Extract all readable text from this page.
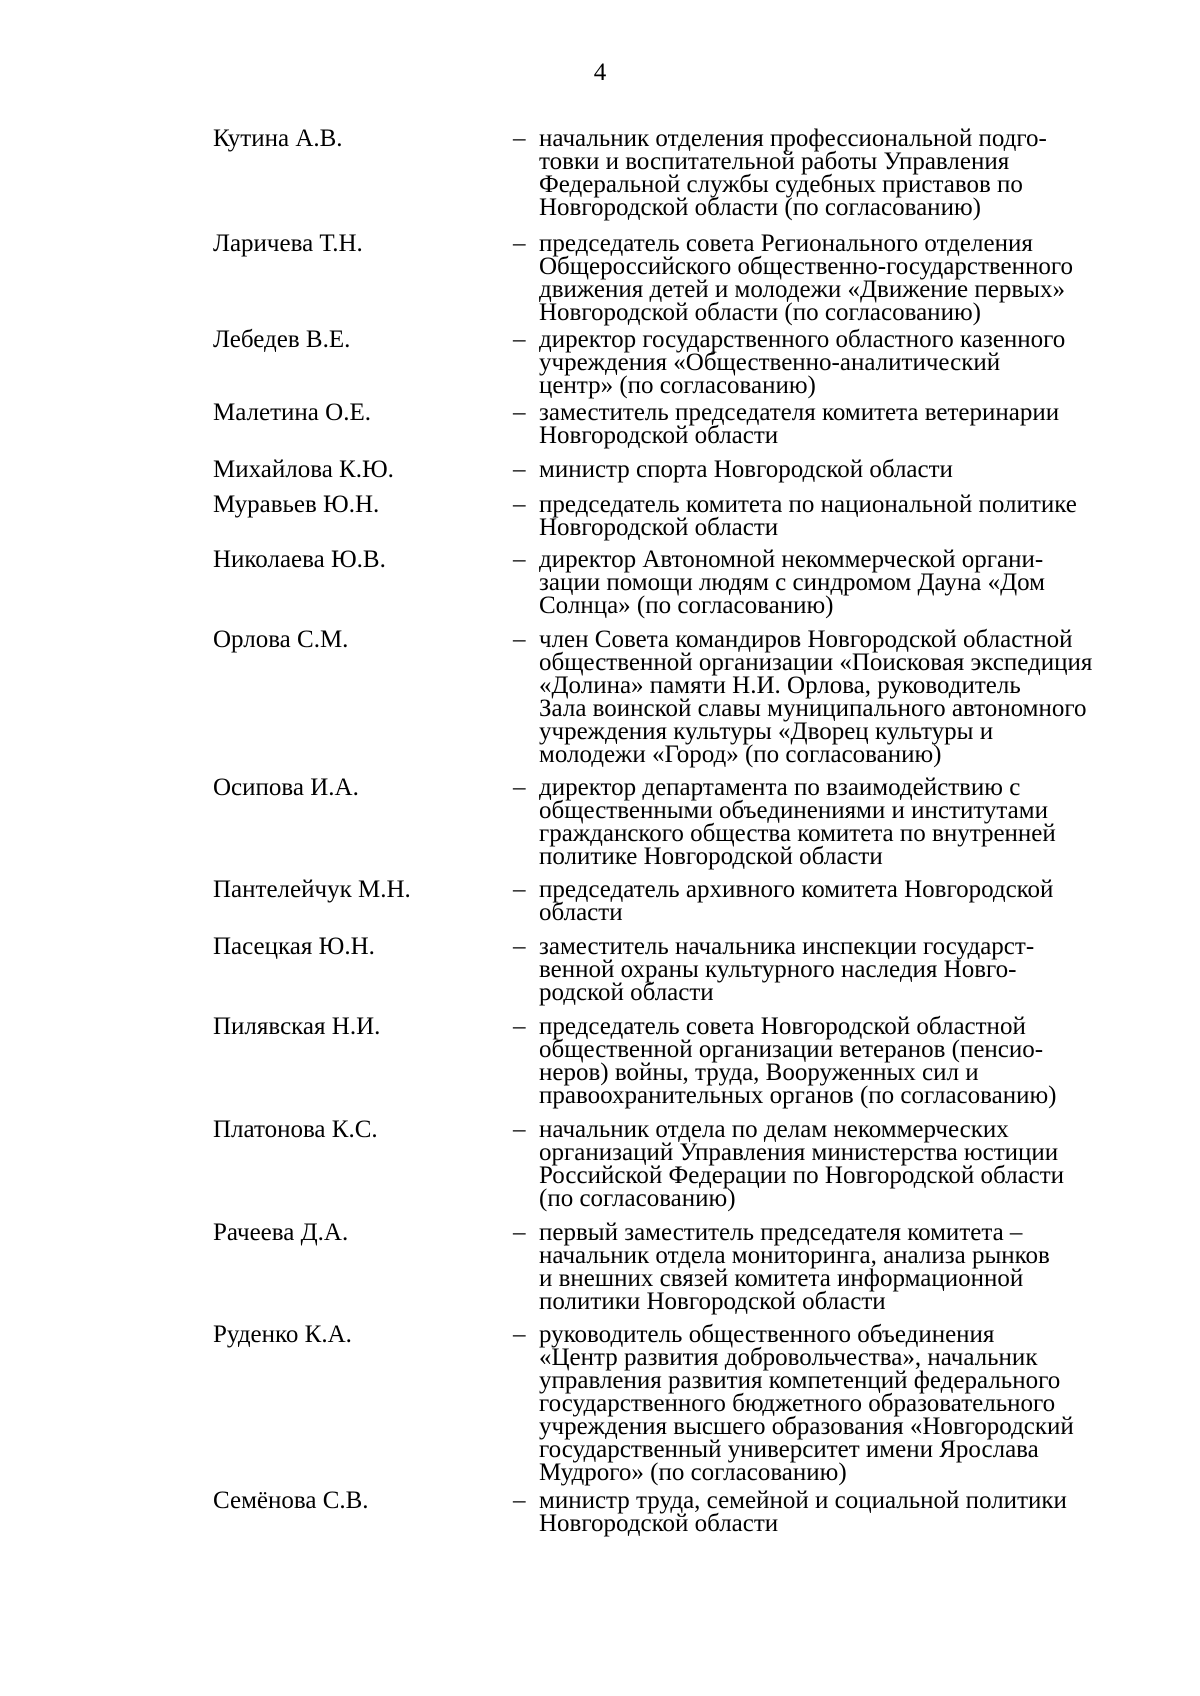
4
Кутина А.В.	– начальник отделения профессиональной подго-
товки и воспитательной работы Управления
Федеральной службы судебных приставов по
Новгородской области (по согласованию)
Ларичева Т.Н.	– председатель совета Регионального отделения
Общероссийского общественно-государственного
движения детей и молодежи «Движение первых»
Новгородской области (по согласованию)
Лебедев В.Е.	– директор государственного областного казенного
учреждения «Общественно-аналитический
центр» (по согласованию)
Малетина О.Е.	– заместитель председателя комитета ветеринарии
Новгородской области
Михайлова К.Ю.	– министр спорта Новгородской области
Муравьев Ю.Н.	– председатель комитета по национальной политике
Новгородской области
Николаева Ю.В.	– директор Автономной некоммерческой органи-
зации помощи людям с синдромом Дауна «Дом
Солнца» (по согласованию)
Орлова С.М.	– член Совета командиров Новгородской областной
общественной организации «Поисковая экспедиция
«Долина» памяти Н.И. Орлова, руководитель
Зала воинской славы муниципального автономного
учреждения культуры «Дворец культуры и
молодежи «Город» (по согласованию)
Осипова И.А.	– директор департамента по взаимодействию с
общественными объединениями и институтами
гражданского общества комитета по внутренней
политике Новгородской области
Пантелейчук М.Н.	– председатель архивного комитета Новгородской
области
Пасецкая Ю.Н.	– заместитель начальника инспекции государст-
венной охраны культурного наследия Новго-
родской области
Пилявская Н.И.	– председатель совета Новгородской областной
общественной организации ветеранов (пенсио-
неров) войны, труда, Вооруженных сил и
правоохранительных органов (по согласованию)
Платонова К.С.	– начальник отдела по делам некоммерческих
организаций Управления министерства юстиции
Российской Федерации по Новгородской области
(по согласованию)
Рачеева Д.А.	– первый заместитель председателя комитета –
начальник отдела мониторинга, анализа рынков
и внешних связей комитета информационной
политики Новгородской области
Руденко К.А.	– руководитель общественного объединения
«Центр развития добровольчества», начальник
управления развития компетенций федерального
государственного бюджетного образовательного
учреждения высшего образования «Новгородский
государственный университет имени Ярослава
Мудрого» (по согласованию)
Семёнова С.В.	– министр труда, семейной и социальной политики
Новгородской области
